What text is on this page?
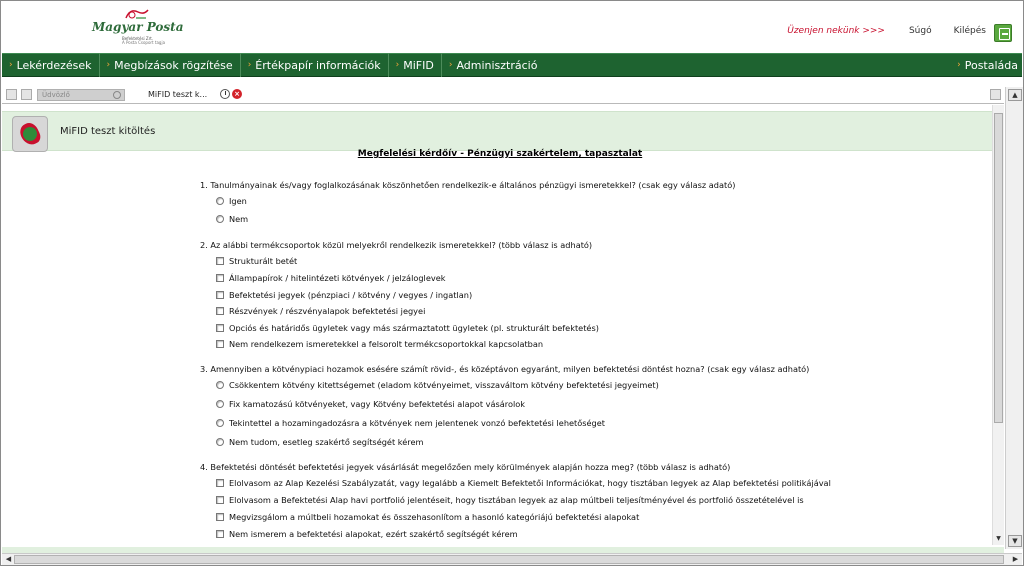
Magyar Posta
Befektetési Zrt.
A Posta Csoport tagja
Üzenjen nekünk >>>	Súgó Kilépés
› Lekérdezések › Megbízások rögzítése › Értékpapír információk › MiFID › Adminisztráció	› Postaláda
Üdvözlő	MiFID teszt k...	×	▲
▼
MiFID teszt kitöltés
Megfelelési kérdőív - Pénzügyi szakértelem, tapasztalat
1. Tanulmányainak és/vagy foglalkozásának köszönhetően rendelkezik-e általános pénzügyi ismeretekkel? (csak egy válasz adató)
Igen
Nem
2. Az alábbi termékcsoportok közül melyekről rendelkezik ismeretekkel? (több válasz is adható)
Strukturált betét
Állampapírok / hitelintézeti kötvények / jelzáloglevek
Befektetési jegyek (pénzpiaci / kötvény / vegyes / ingatlan)
Részvények / részvényalapok befektetési jegyei
Opciós és határidős ügyletek vagy más származtatott ügyletek (pl. strukturált befektetés)
Nem rendelkezem ismeretekkel a felsorolt termékcsoportokkal kapcsolatban
3. Amennyiben a kötvénypiaci hozamok esésére számít rövid-, és középtávon egyaránt, milyen befektetési döntést hozna? (csak egy válasz adható)
Csökkentem kötvény kitettségemet (eladom kötvényeimet, visszaváltom kötvény befektetési jegyeimet)
Fix kamatozású kötvényeket, vagy Kötvény befektetési alapot vásárolok
Tekintettel a hozamingadozásra a kötvények nem jelentenek vonzó befektetési lehetőséget
Nem tudom, esetleg szakértő segítségét kérem
4. Befektetési döntését befektetési jegyek vásárlását megelőzően mely körülmények alapján hozza meg? (több válasz is adható)
Elolvasom az Alap Kezelési Szabályzatát, vagy legalább a Kiemelt Befektetői Információkat, hogy tisztában legyek az Alap befektetési politikájával
Elolvasom a Befektetési Alap havi portfolió jelentéseit, hogy tisztában legyek az alap múltbeli teljesítményével és portfolió összetételével is
Megvizsgálom a múltbeli hozamokat és összehasonlítom a hasonló kategóriájú befektetési alapokat
Nem ismerem a befektetési alapokat, ezért szakértő segítségét kérem	▼
◀	▶
